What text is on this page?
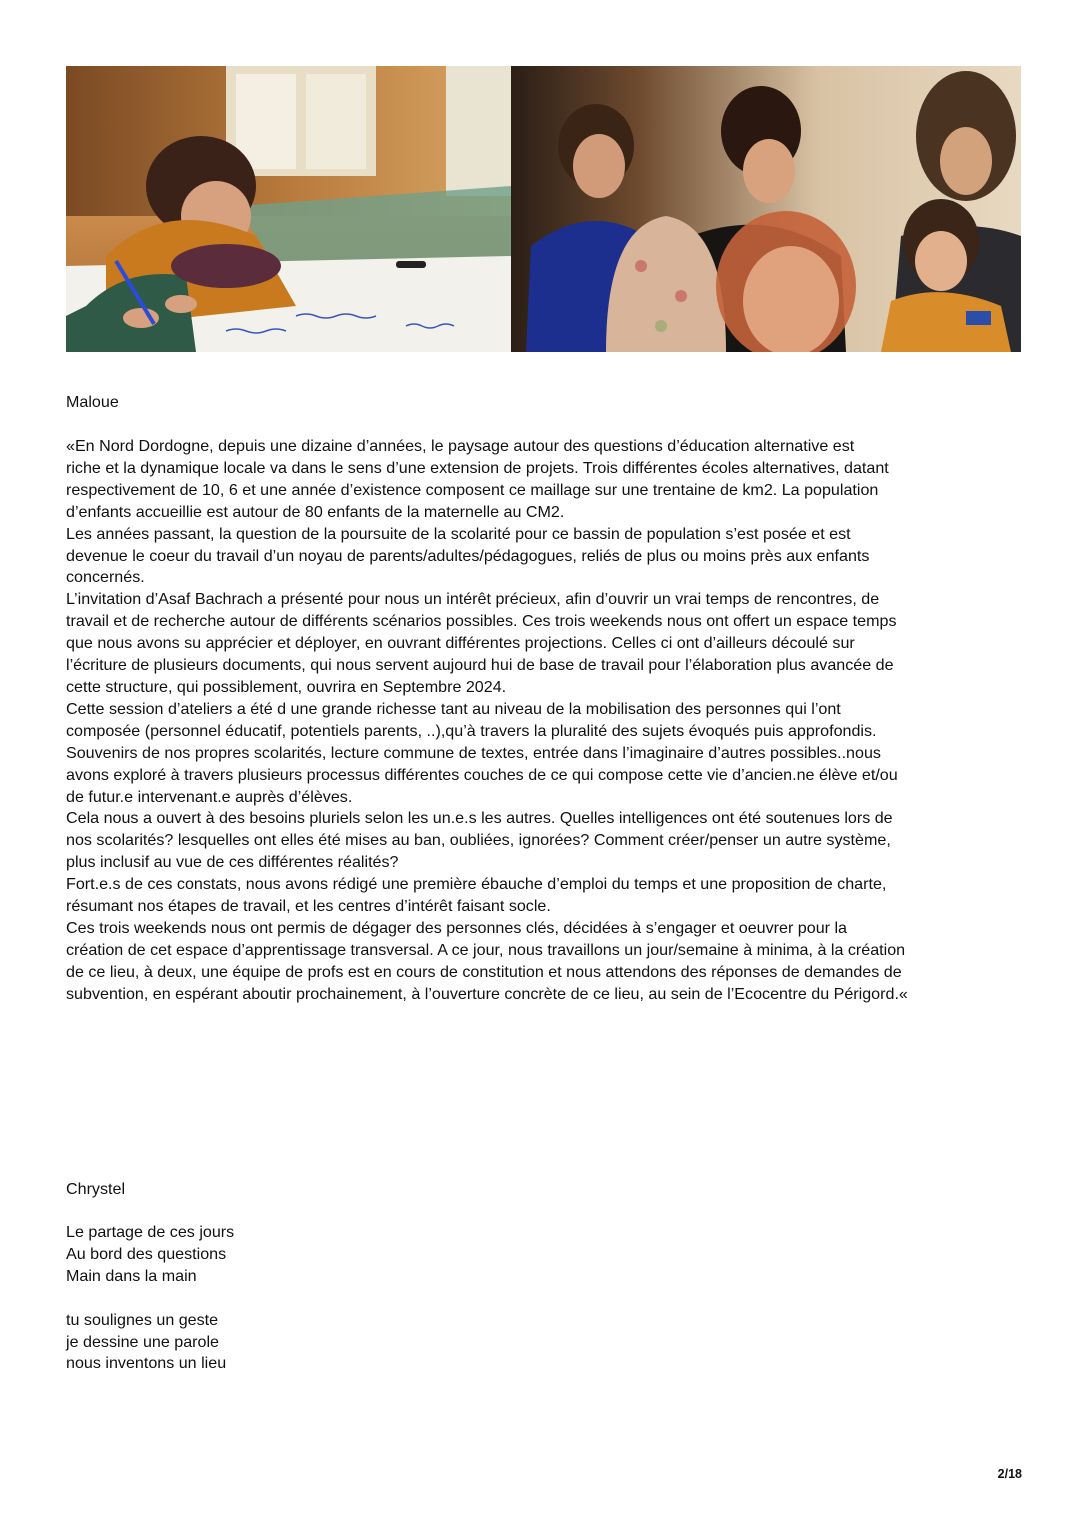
Maloue
«En Nord Dordogne, depuis une dizaine d’années, le paysage autour des questions d’éducation alternative est
riche et la dynamique locale va dans le sens d’une extension de projets. Trois différentes écoles alternatives, datant
respectivement de 10, 6 et une année d’existence composent ce maillage sur une trentaine de km2. La population
d’enfants accueillie est autour de 80 enfants de la maternelle au CM2.
Les années passant, la question de la poursuite de la scolarité pour ce bassin de population s’est posée et est
devenue le coeur du travail d’un noyau de parents/adultes/pédagogues, reliés de plus ou moins près aux enfants
concernés.
L’invitation d’Asaf Bachrach a présenté pour nous un intérêt précieux, afin d’ouvrir un vrai temps de rencontres, de
travail et de recherche autour de différents scénarios possibles. Ces trois weekends nous ont offert un espace temps
que nous avons su apprécier et déployer, en ouvrant différentes projections. Celles ci ont d’ailleurs découlé sur
l’écriture de plusieurs documents, qui nous servent aujourd hui de base de travail pour l’élaboration plus avancée de
cette structure, qui possiblement, ouvrira en Septembre 2024.
Cette session d’ateliers a été d une grande richesse tant au niveau de la mobilisation des personnes qui l’ont
composée (personnel éducatif, potentiels parents, ..),qu’à travers la pluralité des sujets évoqués puis approfondis.
Souvenirs de nos propres scolarités, lecture commune de textes, entrée dans l’imaginaire d’autres possibles..nous
avons exploré à travers plusieurs processus différentes couches de ce qui compose cette vie d’ancien.ne élève et/ou
de futur.e intervenant.e auprès d’élèves.
Cela nous a ouvert à des besoins pluriels selon les un.e.s les autres. Quelles intelligences ont été soutenues lors de
nos scolarités? lesquelles ont elles été mises au ban, oubliées, ignorées? Comment créer/penser un autre système,
plus inclusif au vue de ces différentes réalités?
Fort.e.s de ces constats, nous avons rédigé une première ébauche d’emploi du temps et une proposition de charte,
résumant nos étapes de travail, et les centres d’intérêt faisant socle.
Ces trois weekends nous ont permis de dégager des personnes clés, décidées à s’engager et oeuvrer pour la
création de cet espace d’apprentissage transversal. A ce jour, nous travaillons un jour/semaine à minima, à la création
de ce lieu, à deux, une équipe de profs est en cours de constitution et nous attendons des réponses de demandes de
subvention, en espérant aboutir prochainement, à l’ouverture concrète de ce lieu, au sein de l’Ecocentre du Périgord.«
Chrystel
Le partage de ces jours
Au bord des questions
Main dans la main
tu soulignes un geste
je dessine une parole
nous inventons un lieu
2/18
